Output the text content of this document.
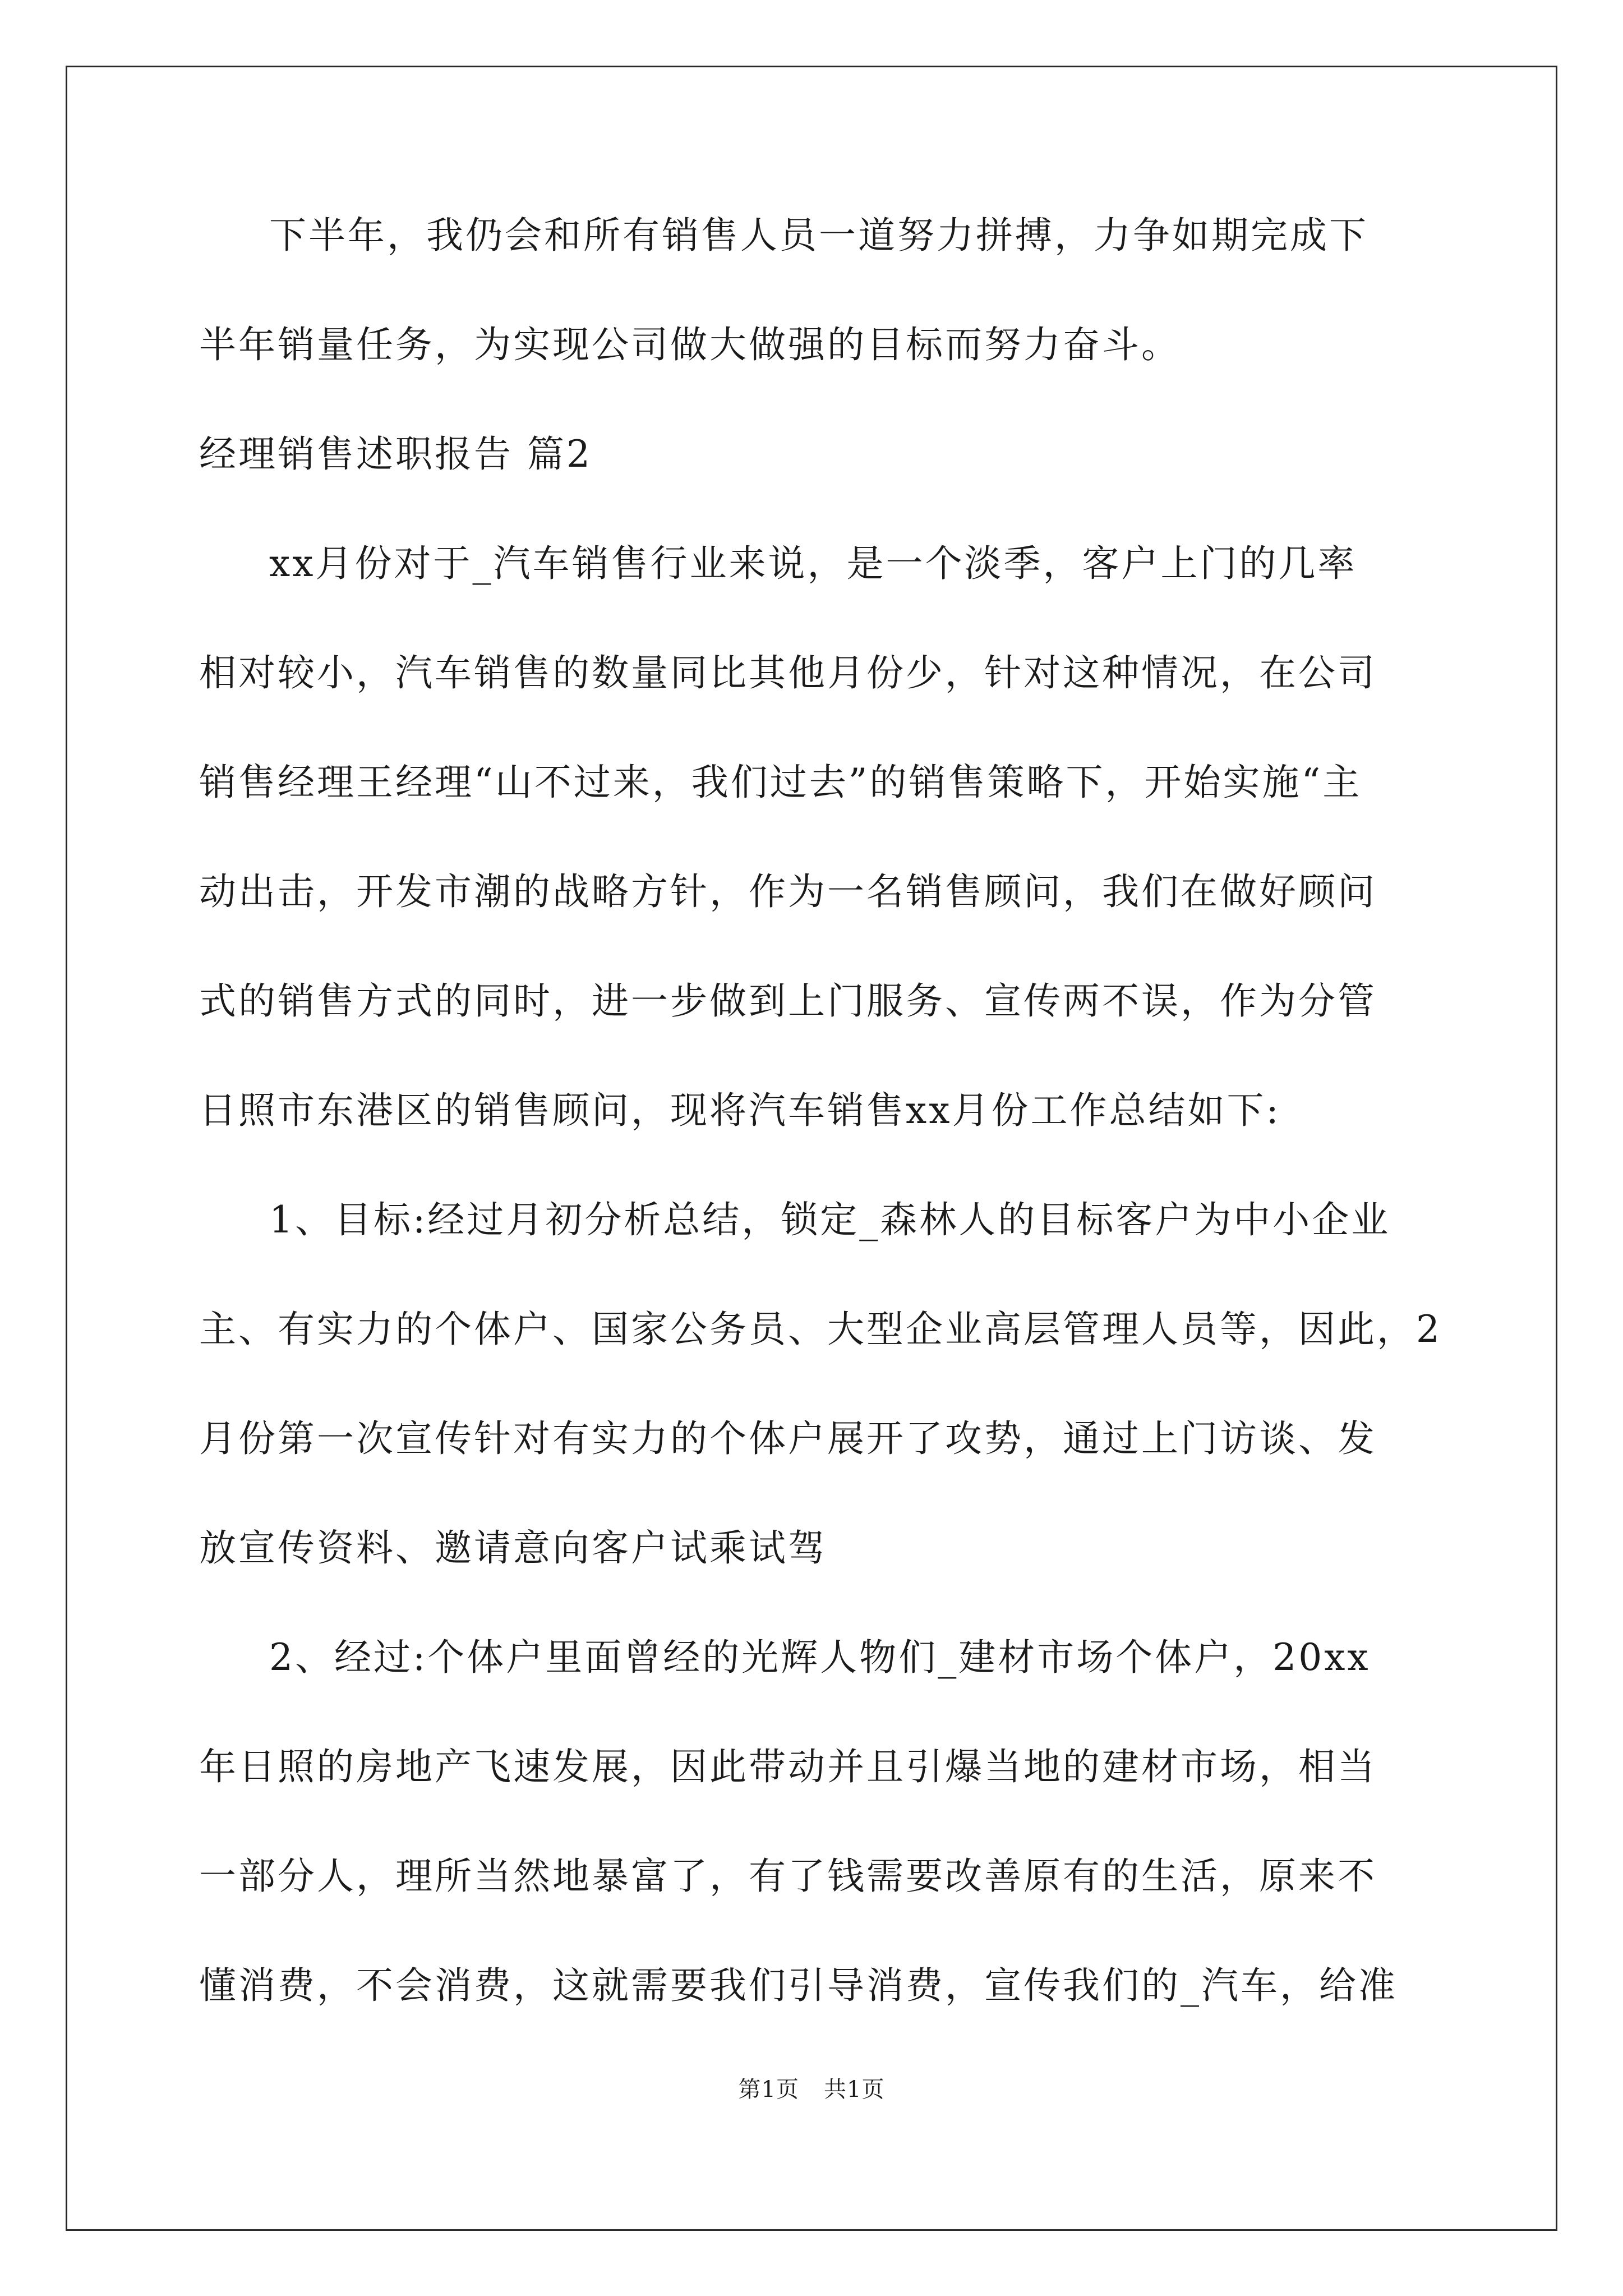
下半年，我仍会和所有销售人员一道努力拼搏，力争如期完成下
半年销量任务，为实现公司做大做强的目标而努力奋斗。
经理销售述职报告 篇2
xx月份对于_汽车销售行业来说，是一个淡季，客户上门的几率
相对较小，汽车销售的数量同比其他月份少，针对这种情况，在公司
销售经理王经理“山不过来，我们过去”的销售策略下，开始实施“主
动出击，开发市潮的战略方针，作为一名销售顾问，我们在做好顾问
式的销售方式的同时，进一步做到上门服务、宣传两不误，作为分管
日照市东港区的销售顾问，现将汽车销售xx月份工作总结如下:
1、目标:经过月初分析总结，锁定_森林人的目标客户为中小企业
主、有实力的个体户、国家公务员、大型企业高层管理人员等，因此，2
月份第一次宣传针对有实力的个体户展开了攻势，通过上门访谈、发
放宣传资料、邀请意向客户试乘试驾
2、经过:个体户里面曾经的光辉人物们_建材市场个体户，20xx
年日照的房地产飞速发展，因此带动并且引爆当地的建材市场，相当
一部分人，理所当然地暴富了，有了钱需要改善原有的生活，原来不
懂消费，不会消费，这就需要我们引导消费，宣传我们的_汽车，给准
第1页 共1页
